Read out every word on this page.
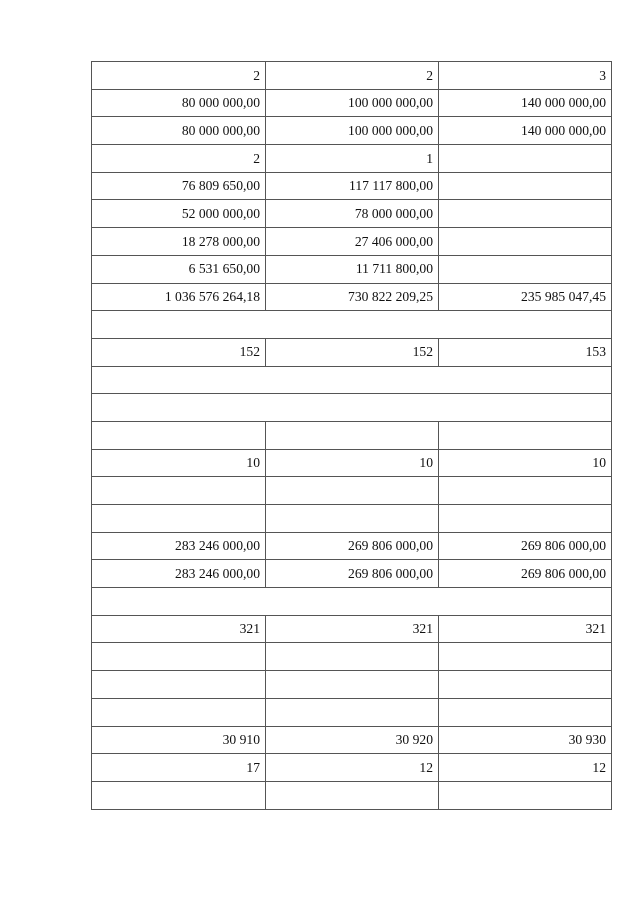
2	2	3
80 000 000,00	100 000 000,00	140 000 000,00
80 000 000,00	100 000 000,00	140 000 000,00
2	1	
76 809 650,00	117 117 800,00	
52 000 000,00	78 000 000,00	
18 278 000,00	27 406 000,00	
6 531 650,00	11 711 800,00	
1 036 576 264,18	730 822 209,25	235 985 047,45

152	152	153

10	10	10

283 246 000,00	269 806 000,00	269 806 000,00
283 246 000,00	269 806 000,00	269 806 000,00

321	321	321

30 910	30 920	30 930
17	12	12
